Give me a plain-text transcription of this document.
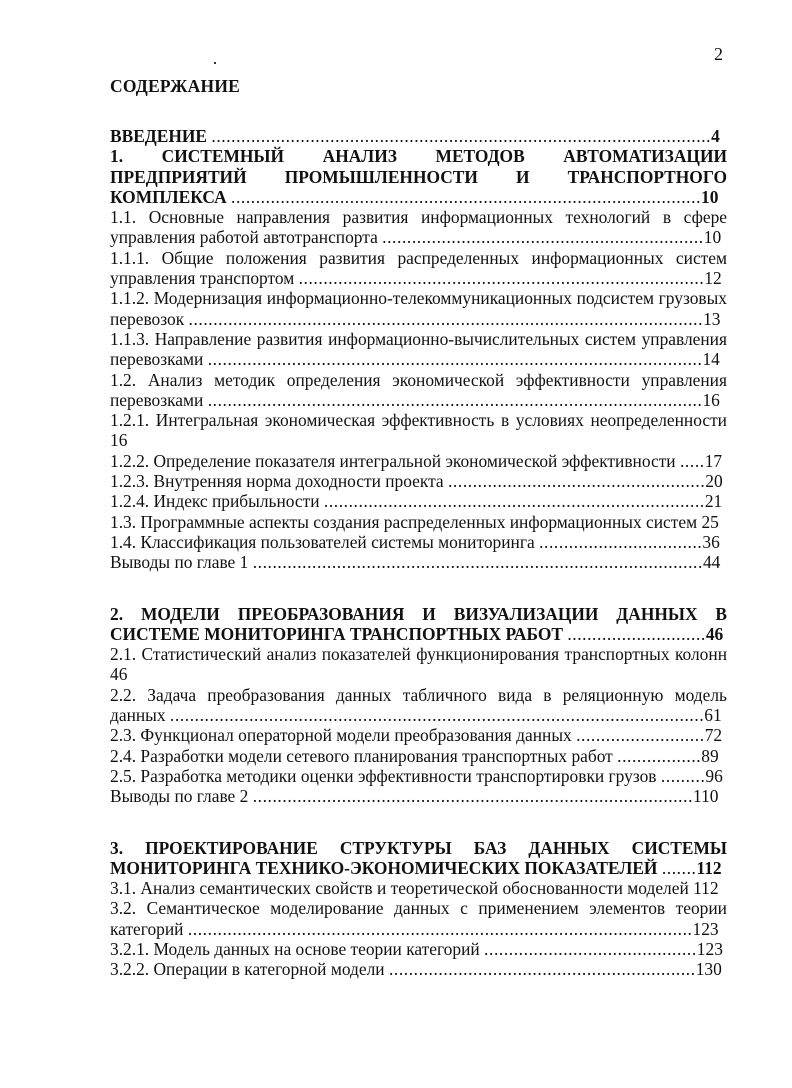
2
СОДЕРЖАНИЕ
ВВЕДЕНИЕ .....................................................................................................4
1. СИСТЕМНЫЙ АНАЛИЗ МЕТОДОВ АВТОМАТИЗАЦИИ ПРЕДПРИЯТИЙ ПРОМЫШЛЕННОСТИ И ТРАНСПОРТНОГО КОМПЛЕКСА ...............................................................................................10
1.1. Основные направления развития информационных технологий в сфере управления работой автотранспорта .................................................................10
1.1.1. Общие положения развития распределенных информационных систем управления транспортом ..................................................................................12
1.1.2. Модернизация информационно-телекоммуникационных подсистем грузовых перевозок ........................................................................................................13
1.1.3. Направление развития информационно-вычислительных систем управления перевозками ....................................................................................................14
1.2. Анализ методик определения экономической эффективности управления перевозками ....................................................................................................16
1.2.1. Интегральная экономическая эффективность в условиях неопределенности 16
1.2.2. Определение показателя интегральной экономической эффективности .....17
1.2.3. Внутренняя норма доходности проекта ....................................................20
1.2.4. Индекс прибыльности .............................................................................21
1.3. Программные аспекты создания распределенных информационных систем 25
1.4. Классификация пользователей системы мониторинга .................................36
Выводы по главе 1 ...........................................................................................44
2. МОДЕЛИ ПРЕОБРАЗОВАНИЯ И ВИЗУАЛИЗАЦИИ ДАННЫХ В СИСТЕМЕ МОНИТОРИНГА ТРАНСПОРТНЫХ РАБОТ ............................46
2.1. Статистический анализ показателей функционирования транспортных колонн 46
2.2. Задача преобразования данных табличного вида в реляционную модель данных ............................................................................................................61
2.3. Функционал операторной модели преобразования данных ..........................72
2.4. Разработки модели сетевого планирования транспортных работ .................89
2.5. Разработка методики оценки эффективности транспортировки грузов .........96
Выводы по главе 2 .........................................................................................110
3. ПРОЕКТИРОВАНИЕ СТРУКТУРЫ БАЗ ДАННЫХ СИСТЕМЫ МОНИТОРИНГА ТЕХНИКО-ЭКОНОМИЧЕСКИХ ПОКАЗАТЕЛЕЙ .......112
3.1. Анализ семантических свойств и теоретической обоснованности моделей 112
3.2. Семантическое моделирование данных с применением элементов теории категорий ......................................................................................................123
3.2.1. Модель данных на основе теории категорий ...........................................123
3.2.2. Операции в категорной модели ..............................................................130
